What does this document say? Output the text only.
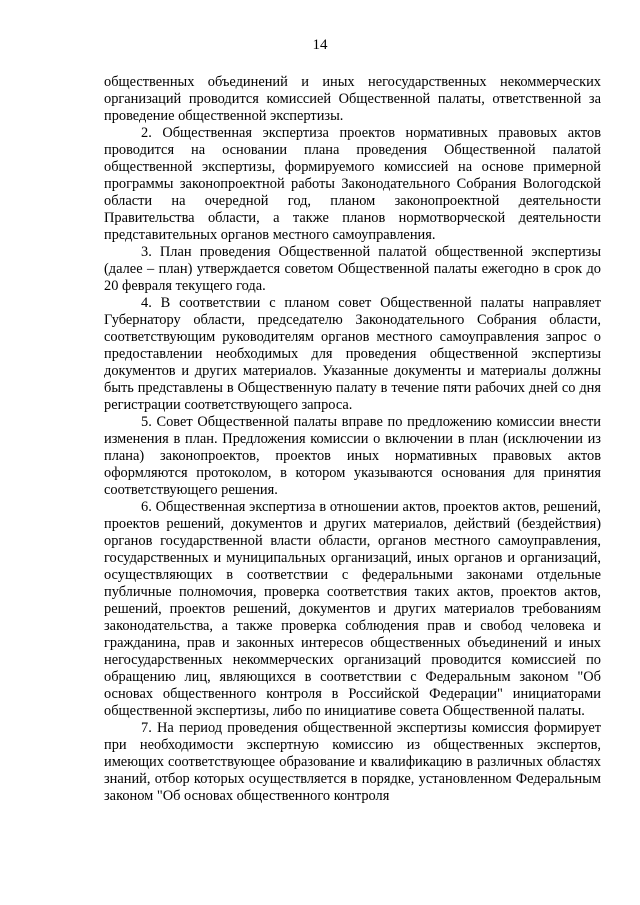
14

общественных объединений и иных негосударственных некоммерческих организаций проводится комиссией Общественной палаты, ответственной за проведение общественной экспертизы.

2. Общественная экспертиза проектов нормативных правовых актов проводится на основании плана проведения Общественной палатой общественной экспертизы, формируемого комиссией на основе примерной программы законопроектной работы Законодательного Собрания Вологодской области на очередной год, планом законопроектной деятельности Правительства области, а также планов нормотворческой деятельности представительных органов местного самоуправления.

3. План проведения Общественной палатой общественной экспертизы (далее – план) утверждается советом Общественной палаты ежегодно в срок до 20 февраля текущего года.

4. В соответствии с планом совет Общественной палаты направляет Губернатору области, председателю Законодательного Собрания области, соответствующим руководителям органов местного самоуправления запрос о предоставлении необходимых для проведения общественной экспертизы документов и других материалов. Указанные документы и материалы должны быть представлены в Общественную палату в течение пяти рабочих дней со дня регистрации соответствующего запроса.

5. Совет Общественной палаты вправе по предложению комиссии внести изменения в план. Предложения комиссии о включении в план (исключении из плана) законопроектов, проектов иных нормативных правовых актов оформляются протоколом, в котором указываются основания для принятия соответствующего решения.

6. Общественная экспертиза в отношении актов, проектов актов, решений, проектов решений, документов и других материалов, действий (бездействия) органов государственной власти области, органов местного самоуправления, государственных и муниципальных организаций, иных органов и организаций, осуществляющих в соответствии с федеральными законами отдельные публичные полномочия, проверка соответствия таких актов, проектов актов, решений, проектов решений, документов и других материалов требованиям законодательства, а также проверка соблюдения прав и свобод человека и гражданина, прав и законных интересов общественных объединений и иных негосударственных некоммерческих организаций проводится комиссией по обращению лиц, являющихся в соответствии с Федеральным законом "Об основах общественного контроля в Российской Федерации" инициаторами общественной экспертизы, либо по инициативе совета Общественной палаты.

7. На период проведения общественной экспертизы комиссия формирует при необходимости экспертную комиссию из общественных экспертов, имеющих соответствующее образование и квалификацию в различных областях знаний, отбор которых осуществляется в порядке, установленном Федеральным законом "Об основах общественного контроля
